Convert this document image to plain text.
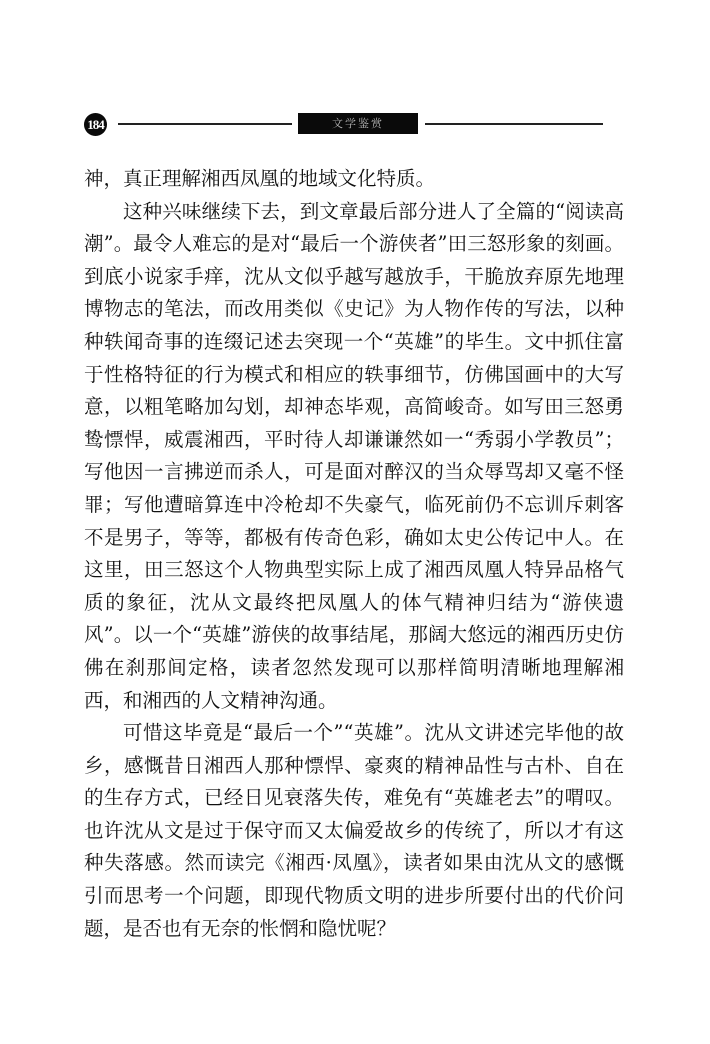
184	文学鉴赏

神，真正理解湘西凤凰的地域文化特质。

这种兴味继续下去，到文章最后部分进人了全篇的“阅读高潮”。最令人难忘的是对“最后一个游侠者”田三怒形象的刻画。到底小说家手痒，沈从文似乎越写越放手，干脆放弃原先地理博物志的笔法，而改用类似《史记》为人物作传的写法，以种种轶闻奇事的连缀记述去突现一个“英雄”的毕生。文中抓住富于性格特征的行为模式和相应的轶事细节，仿佛国画中的大写意，以粗笔略加勾划，却神态毕观，高简峻奇。如写田三怒勇鸷慓悍，威震湘西，平时待人却谦谦然如一“秀弱小学教员”；写他因一言拂逆而杀人，可是面对醉汉的当众辱骂却又毫不怪罪；写他遭暗算连中冷枪却不失豪气，临死前仍不忘训斥刺客不是男子，等等，都极有传奇色彩，确如太史公传记中人。在这里，田三怒这个人物典型实际上成了湘西凤凰人特异品格气质的象征，沈从文最终把凤凰人的体气精神归结为“游侠遗风”。以一个“英雄”游侠的故事结尾，那阔大悠远的湘西历史仿佛在刹那间定格，读者忽然发现可以那样简明清晰地理解湘西，和湘西的人文精神沟通。

可惜这毕竟是“最后一个”“英雄”。沈从文讲述完毕他的故乡，感慨昔日湘西人那种慓悍、豪爽的精神品性与古朴、自在的生存方式，已经日见衰落失传，难免有“英雄老去”的喟叹。也许沈从文是过于保守而又太偏爱故乡的传统了，所以才有这种失落感。然而读完《湘西·凤凰》，读者如果由沈从文的感慨引而思考一个问题，即现代物质文明的进步所要付出的代价问题，是否也有无奈的怅惘和隐忧呢？
